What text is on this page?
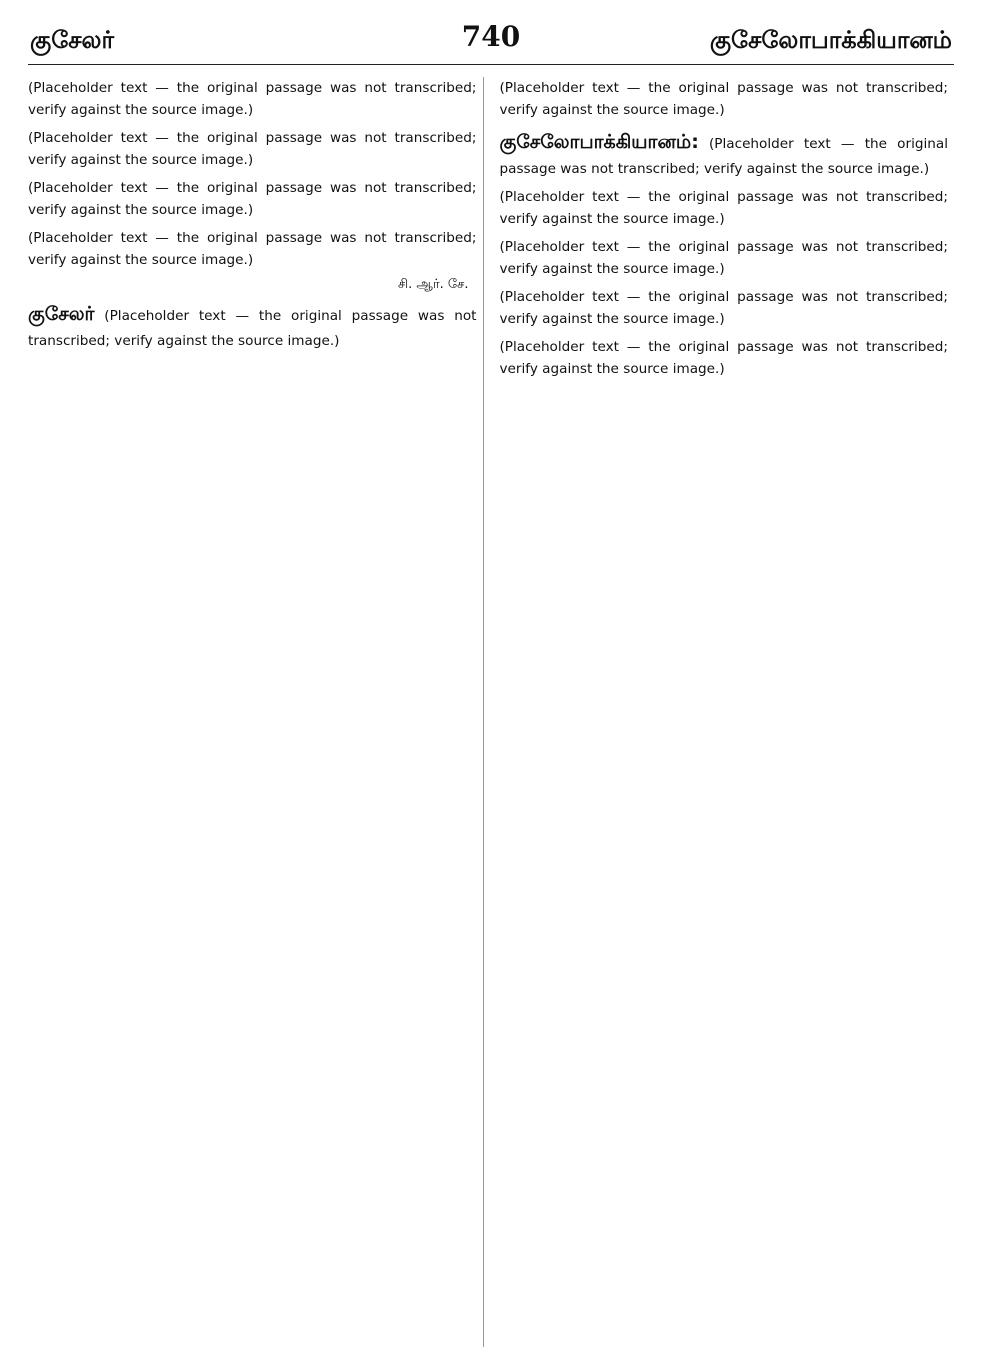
குசேலர்	740	குசேலோபாக்கியானம்

(Placeholder text — the original passage was not transcribed; verify against the source image.)

(Placeholder text — the original passage was not transcribed; verify against the source image.)

(Placeholder text — the original passage was not transcribed; verify against the source image.)

(Placeholder text — the original passage was not transcribed; verify against the source image.)

சி. ஆர். சே.

குசேலர் (Placeholder text — the original passage was not transcribed; verify against the source image.)

(Placeholder text — the original passage was not transcribed; verify against the source image.)

குசேலோபாக்கியானம்: (Placeholder text — the original passage was not transcribed; verify against the source image.)

(Placeholder text — the original passage was not transcribed; verify against the source image.)

(Placeholder text — the original passage was not transcribed; verify against the source image.)

(Placeholder text — the original passage was not transcribed; verify against the source image.)

(Placeholder text — the original passage was not transcribed; verify against the source image.)
